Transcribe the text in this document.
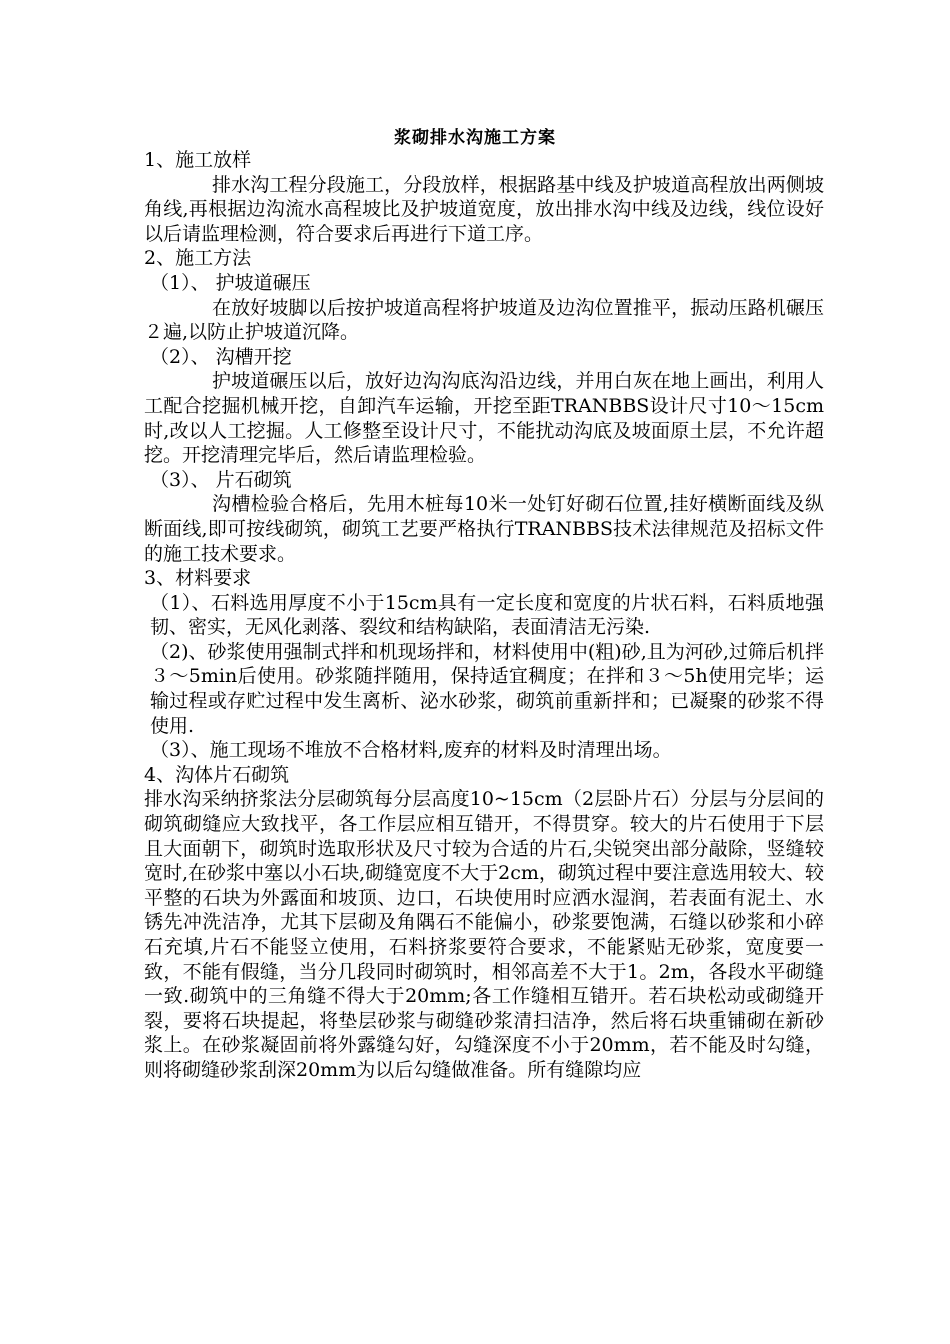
浆砌排水沟施工方案

1、施工放样

排水沟工程分段施工，分段放样，根据路基中线及护坡道高程放出两侧坡角线,再根据边沟流水高程坡比及护坡道宽度，放出排水沟中线及边线，线位设好以后请监理检测，符合要求后再进行下道工序。

2、施工方法

（1）、 护坡道碾压

在放好坡脚以后按护坡道高程将护坡道及边沟位置推平，振动压路机碾压２遍,以防止护坡道沉降。

（2）、 沟槽开挖

护坡道碾压以后，放好边沟沟底沟沿边线，并用白灰在地上画出，利用人工配合挖掘机械开挖，自卸汽车运输，开挖至距TRANBBS设计尺寸10～15cm时,改以人工挖掘。人工修整至设计尺寸，不能扰动沟底及坡面原土层，不允许超挖。开挖清理完毕后，然后请监理检验。

（3）、 片石砌筑

沟槽检验合格后，先用木桩每10米一处钉好砌石位置,挂好横断面线及纵断面线,即可按线砌筑，砌筑工艺要严格执行TRANBBS技术法律规范及招标文件的施工技术要求。

3、材料要求

（1）、石料选用厚度不小于15cm具有一定长度和宽度的片状石料，石料质地强韧、密实，无风化剥落、裂纹和结构缺陷，表面清洁无污染.

（2)、砂浆使用强制式拌和机现场拌和，材料使用中(粗)砂,且为河砂,过筛后机拌３～5min后使用。砂浆随拌随用，保持适宜稠度；在拌和３～5h使用完毕；运输过程或存贮过程中发生离析、泌水砂浆，砌筑前重新拌和；已凝聚的砂浆不得使用.

（3）、施工现场不堆放不合格材料,废弃的材料及时清理出场。

4、沟体片石砌筑

排水沟采纳挤浆法分层砌筑每分层高度10~15cm（2层卧片石）分层与分层间的砌筑砌缝应大致找平，各工作层应相互错开，不得贯穿。较大的片石使用于下层且大面朝下，砌筑时选取形状及尺寸较为合适的片石,尖锐突出部分敲除，竖缝较宽时,在砂浆中塞以小石块,砌缝宽度不大于2cm，砌筑过程中要注意选用较大、较平整的石块为外露面和坡顶、边口，石块使用时应洒水湿润，若表面有泥土、水锈先冲洗洁净，尤其下层砌及角隅石不能偏小，砂浆要饱满，石缝以砂浆和小碎石充填,片石不能竖立使用，石料挤浆要符合要求，不能紧贴无砂浆，宽度要一致，不能有假缝，当分几段同时砌筑时，相邻高差不大于1。2m，各段水平砌缝一致.砌筑中的三角缝不得大于20mm;各工作缝相互错开。若石块松动或砌缝开裂，要将石块提起，将垫层砂浆与砌缝砂浆清扫洁净，然后将石块重铺砌在新砂浆上。在砂浆凝固前将外露缝勾好，勾缝深度不小于20mm，若不能及时勾缝，则将砌缝砂浆刮深20mm为以后勾缝做准备。所有缝隙均应
